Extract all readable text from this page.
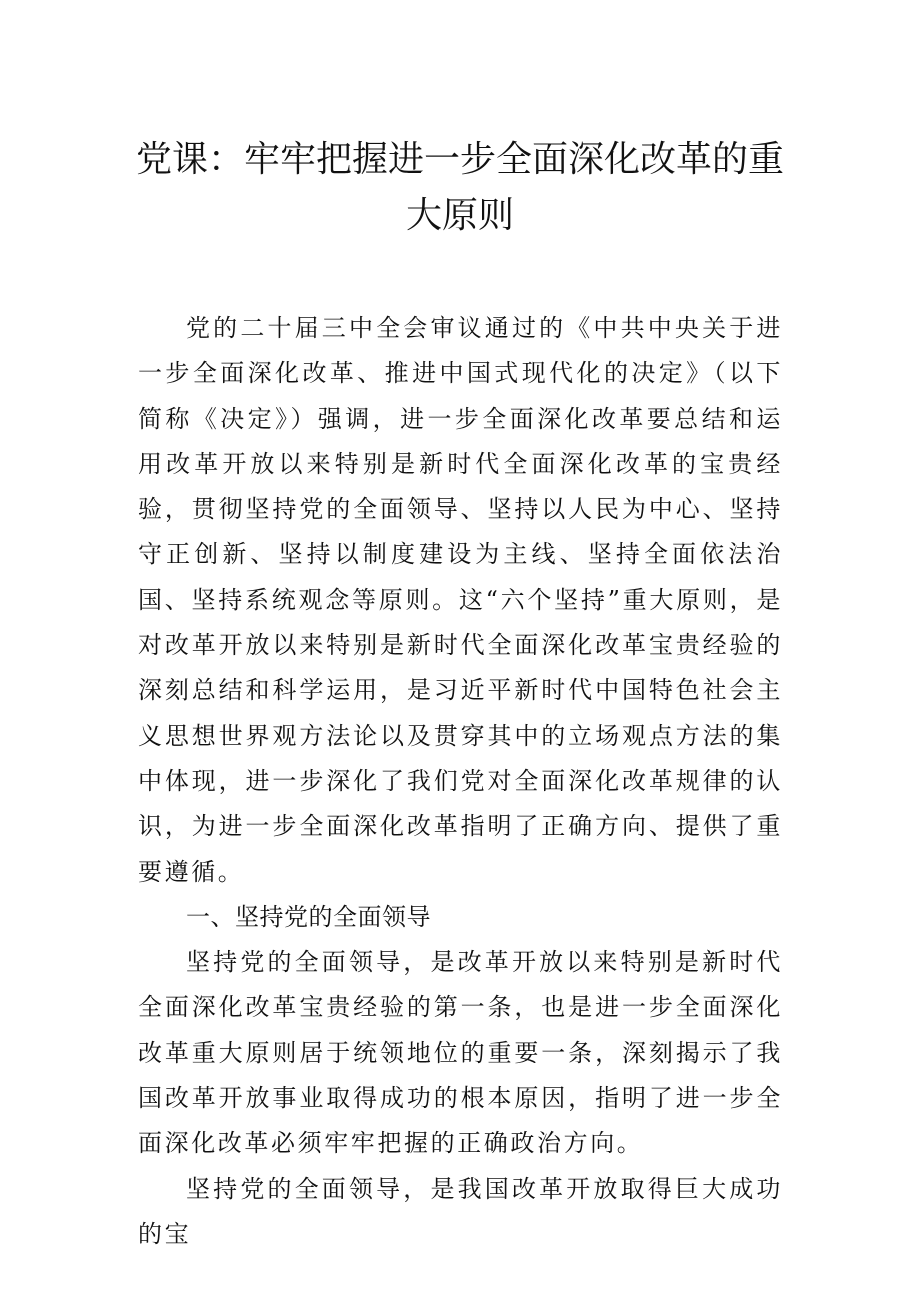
党课：牢牢把握进一步全面深化改革的重
大原则

党的二十届三中全会审议通过的《中共中央关于进一步全面深化改革、推进中国式现代化的决定》（以下简称《决定》）强调，进一步全面深化改革要总结和运用改革开放以来特别是新时代全面深化改革的宝贵经验，贯彻坚持党的全面领导、坚持以人民为中心、坚持守正创新、坚持以制度建设为主线、坚持全面依法治国、坚持系统观念等原则。这“六个坚持”重大原则，是对改革开放以来特别是新时代全面深化改革宝贵经验的深刻总结和科学运用，是习近平新时代中国特色社会主义思想世界观方法论以及贯穿其中的立场观点方法的集中体现，进一步深化了我们党对全面深化改革规律的认识，为进一步全面深化改革指明了正确方向、提供了重要遵循。

一、坚持党的全面领导

坚持党的全面领导，是改革开放以来特别是新时代全面深化改革宝贵经验的第一条，也是进一步全面深化改革重大原则居于统领地位的重要一条，深刻揭示了我国改革开放事业取得成功的根本原因，指明了进一步全面深化改革必须牢牢把握的正确政治方向。

坚持党的全面领导，是我国改革开放取得巨大成功的宝
